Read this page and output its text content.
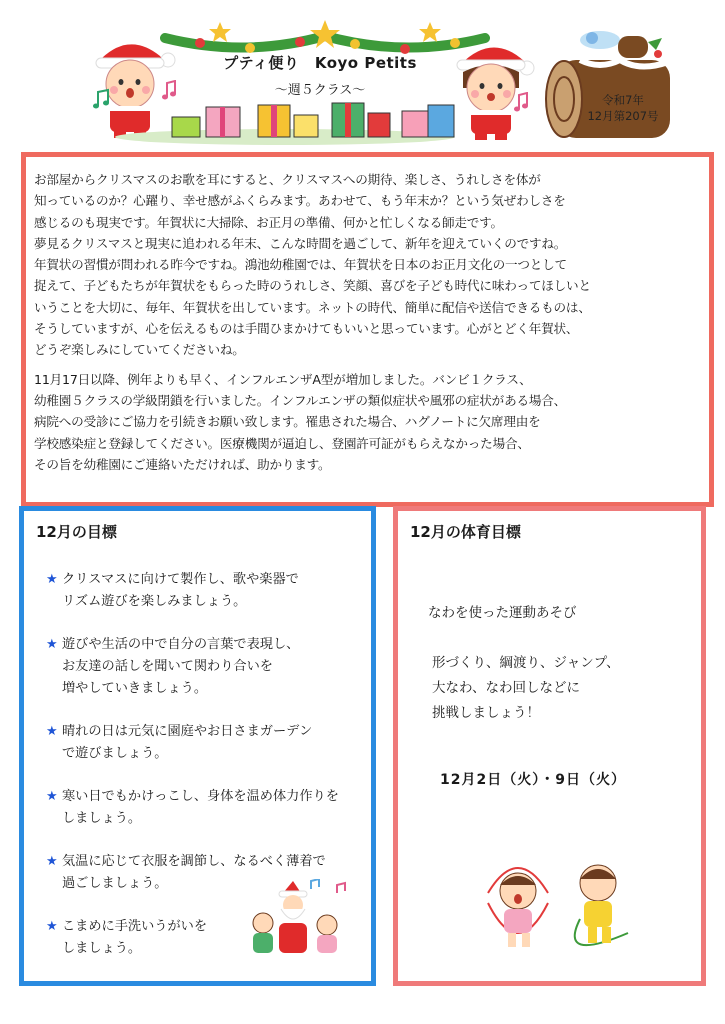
令和7年
12月第207号
プティ便り　Koyo Petits
～週５クラス～

お部屋からクリスマスのお歌を耳にすると、クリスマスへの期待、楽しさ、うれしさを体が
知っているのか？心躍り、幸せ感がふくらみます。あわせて、もう年末か？という気ぜわしさを
感じるのも現実です。年賀状に大掃除、お正月の準備、何かと忙しくなる師走です。
夢見るクリスマスと現実に追われる年末、こんな時間を過ごして、新年を迎えていくのですね。
年賀状の習慣が問われる昨今ですね。鴻池幼稚園では、年賀状を日本のお正月文化の一つとして
捉えて、子どもたちが年賀状をもらった時のうれしさ、笑顔、喜びを子ども時代に味わってほしいと
いうことを大切に、毎年、年賀状を出しています。ネットの時代、簡単に配信や送信できるものは、
そうしていますが、心を伝えるものは手間ひまかけてもいいと思っています。心がとどく年賀状、
どうぞ楽しみにしていてくださいね。

11月17日以降、例年よりも早く、インフルエンザA型が増加しました。バンビ１クラス、
幼稚園５クラスの学級閉鎖を行いました。インフルエンザの類似症状や風邪の症状がある場合、
病院への受診にご協力を引続きお願い致します。罹患された場合、ハグノートに欠席理由を
学校感染症と登録してください。医療機関が逼迫し、登園許可証がもらえなかった場合、
その旨を幼稚園にご連絡いただければ、助かります。

12月の目標
★ クリスマスに向けて製作し、歌や楽器で
リズム遊びを楽しみましょう。
★ 遊びや生活の中で自分の言葉で表現し、
お友達の話しを聞いて関わり合いを
増やしていきましょう。
★ 晴れの日は元気に園庭やお日さまガーデン
で遊びましょう。
★ 寒い日でもかけっこし、身体を温め体力作りを
しましょう。
★ 気温に応じて衣服を調節し、なるべく薄着で
過ごしましょう。
★ こまめに手洗いうがいを
しましょう。
12月の体育目標
なわを使った運動あそび
形づくり、綱渡り、ジャンプ、
大なわ、なわ回しなどに
挑戦しましょう！
12月2日（火）・9日（火）
